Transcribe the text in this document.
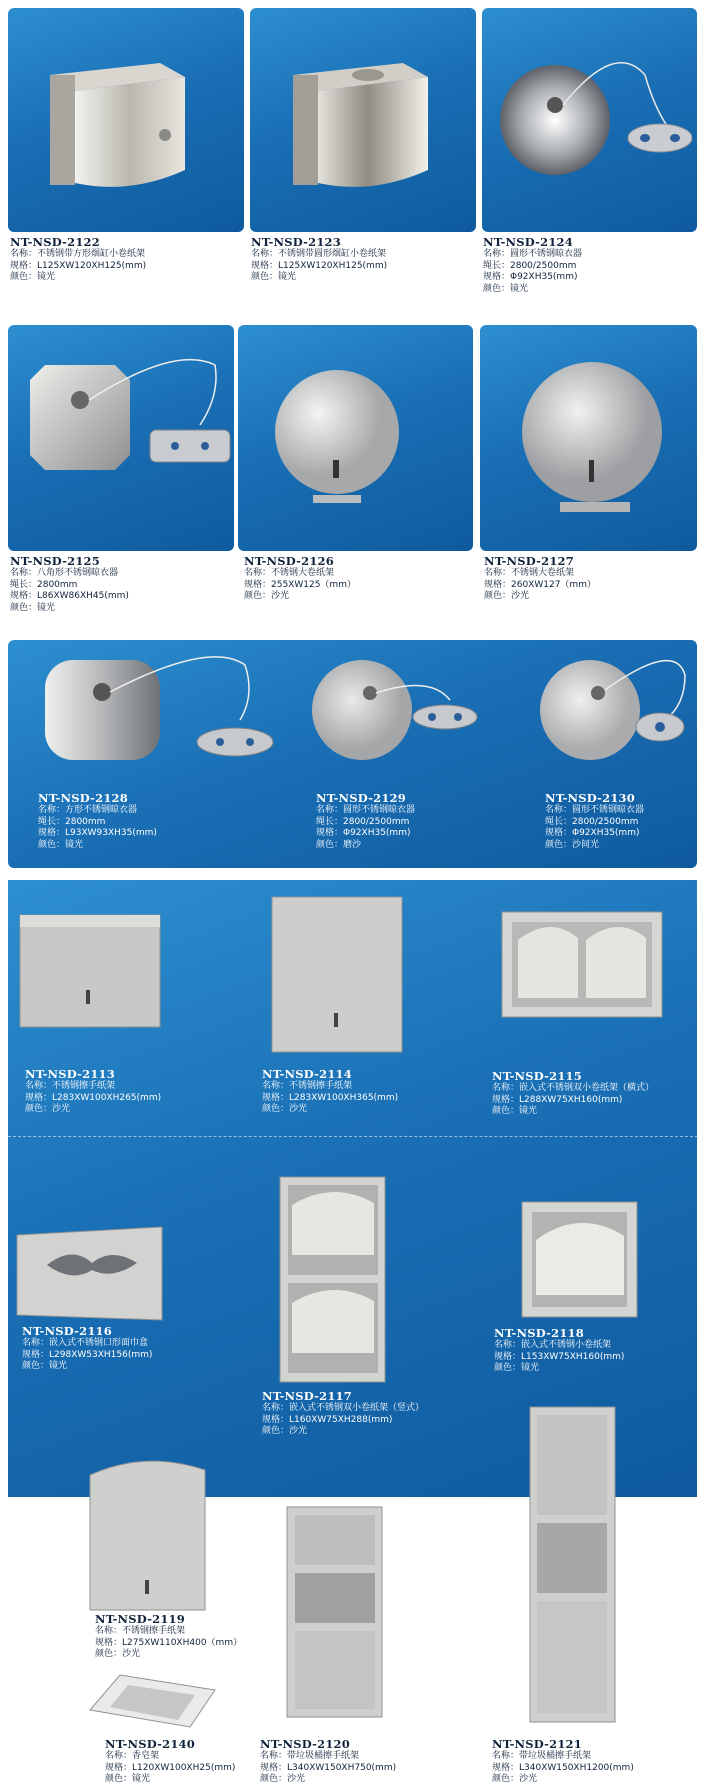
NT-NSD-2122
名称：不锈钢带方形烟缸小卷纸架
规格：L125XW120XH125(mm)
颜色：镜光
NT-NSD-2123
名称：不锈钢带圆形烟缸小卷纸架
规格：L125XW120XH125(mm)
颜色：镜光
NT-NSD-2124
名称：圆形不锈钢晾衣器
绳长：2800/2500mm
规格：Φ92XH35(mm)
颜色：镜光
NT-NSD-2125
名称：八角形不锈钢晾衣器
绳长：2800mm
规格：L86XW86XH45(mm)
颜色：镜光
NT-NSD-2126
名称：不锈钢大卷纸架
规格：255XW125（mm）
颜色：沙光
NT-NSD-2127
名称：不锈钢大卷纸架
规格：260XW127（mm）
颜色：沙光
NT-NSD-2128
名称：方形不锈钢晾衣器
绳长：2800mm
规格：L93XW93XH35(mm)
颜色：镜光
NT-NSD-2129
名称：圆形不锈钢晾衣器
绳长：2800/2500mm
规格：Φ92XH35(mm)
颜色：磨沙
NT-NSD-2130
名称：圆形不锈钢晾衣器
绳长：2800/2500mm
规格：Φ92XH35(mm)
颜色：沙间光
NT-NSD-2113
名称：不锈钢擦手纸架
规格：L283XW100XH265(mm)
颜色：沙光
NT-NSD-2114
名称：不锈钢擦手纸架
规格：L283XW100XH365(mm)
颜色：沙光
NT-NSD-2115
名称：嵌入式不锈钢双小卷纸架（横式）
规格：L288XW75XH160(mm)
颜色：镜光
NT-NSD-2116
名称：嵌入式不锈钢口形面巾盒
规格：L298XW53XH156(mm)
颜色：镜光
NT-NSD-2117
名称：嵌入式不锈钢双小卷纸架（竖式）
规格：L160XW75XH288(mm)
颜色：沙光
NT-NSD-2118
名称：嵌入式不锈钢小卷纸架
规格：L153XW75XH160(mm)
颜色：镜光
NT-NSD-2119
名称：不锈钢擦手纸架
规格：L275XW110XH400（mm）
颜色：沙光
NT-NSD-2140
名称：香皂架
规格：L120XW100XH25(mm)
颜色：镜光
NT-NSD-2120
名称：带垃圾桶擦手纸架
规格：L340XW150XH750(mm)
颜色：沙光
NT-NSD-2121
名称：带垃圾桶擦手纸架
规格：L340XW150XH1200(mm)
颜色：沙光
